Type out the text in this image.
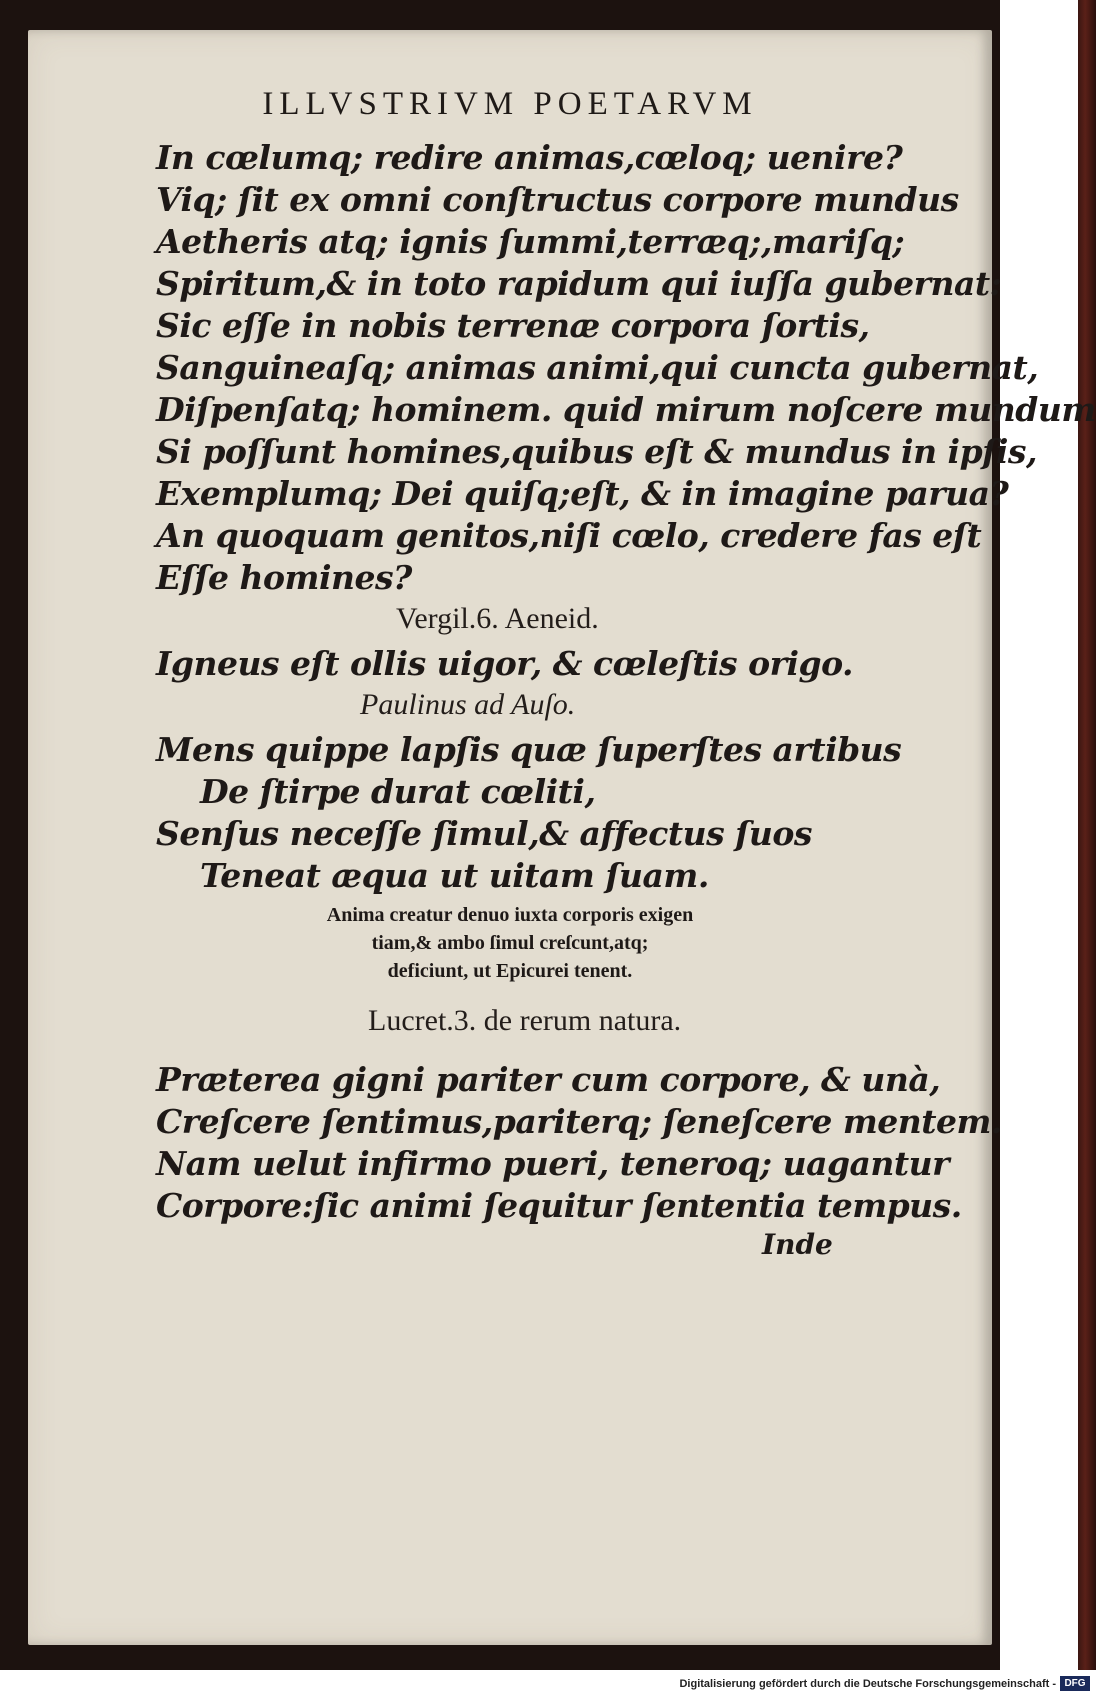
ILLVSTRIVM POETARVM
In cœlumq; redire animas,cœloq; uenire?
Viq; ſit ex omni conſtructus corpore mundus
Aetheris atq; ignis ſummi,terræq;,mariſq;
Spiritum,& in toto rapidum qui iuſſa gubernat:
Sic eſſe in nobis terrenæ corpora ſortis,
Sanguineaſq; animas animi,qui cuncta gubernat,
Diſpenſatq; hominem. quid mirum noſcere mundum
Si poſſunt homines,quibus eſt & mundus in ipſis,
Exemplumq; Dei quiſq;eſt, & in imagine parua?
An quoquam genitos,niſi cœlo, credere fas eſt
Eſſe homines?
Vergil.6. Aeneid.
Igneus eſt ollis uigor, & cœleſtis origo.
Paulinus ad Auſo.
Mens quippe lapſis quæ ſuperſtes artibus
De ſtirpe durat cœliti,
Senſus neceſſe ſimul,& affectus ſuos
Teneat æqua ut uitam ſuam.
Anima creatur denuo iuxta corporis exigen
tiam,& ambo ſimul creſcunt,atq;
deficiunt, ut Epicurei tenent.
Lucret.3. de rerum natura.
Præterea gigni pariter cum corpore, & unà,
Creſcere ſentimus,pariterq; ſeneſcere mentem.
Nam uelut infirmo pueri, teneroq; uagantur
Corpore:ſic animi ſequitur ſententia tempus.
Inde
Digitalisierung gefördert durch die Deutsche Forschungsgemeinschaft - DFG
